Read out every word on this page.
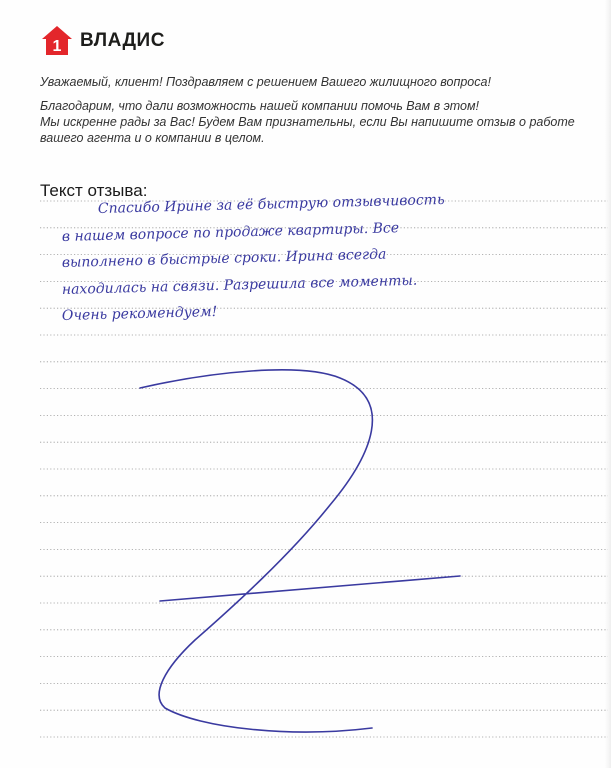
1 ВЛАДИС

Уважаемый, клиент! Поздравляем с решением Вашего жилищного вопроса!

Благодарим, что дали возможность нашей компании помочь Вам в этом!

Мы искренне рады за Вас! Будем Вам признательны, если Вы напишите отзыв о работе

вашего агента и о компании в целом.

Текст отзыва:
Спасибо Ирине за её быструю отзывчивость
в нашем вопросе по продаже квартиры. Все
выполнено в быстрые сроки. Ирина всегда
находилась на связи. Разрешила все моменты.
Очень рекомендуем!
